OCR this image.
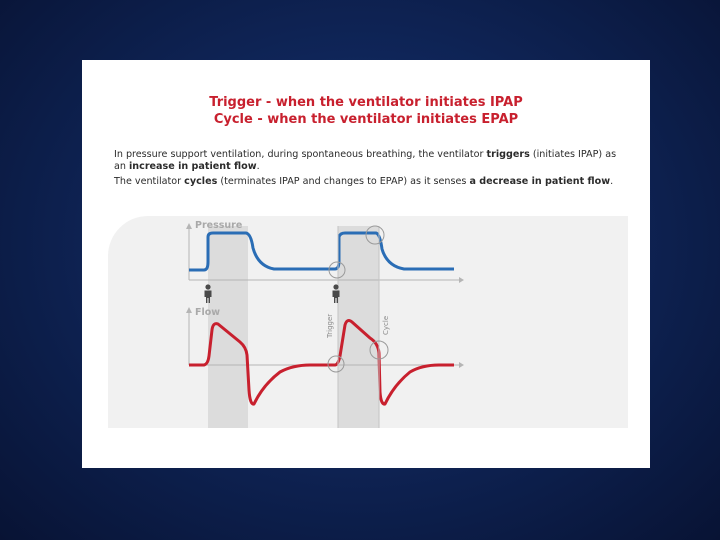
Trigger - when the ventilator initiates IPAP
Cycle - when the ventilator initiates EPAP
In pressure support ventilation, during spontaneous breathing, the ventilator triggers (initiates IPAP) as
an increase in patient flow.
The ventilator cycles (terminates IPAP and changes to EPAP) as it senses a decrease in patient flow.
Pressure
Flow
Trigger	Cycle
